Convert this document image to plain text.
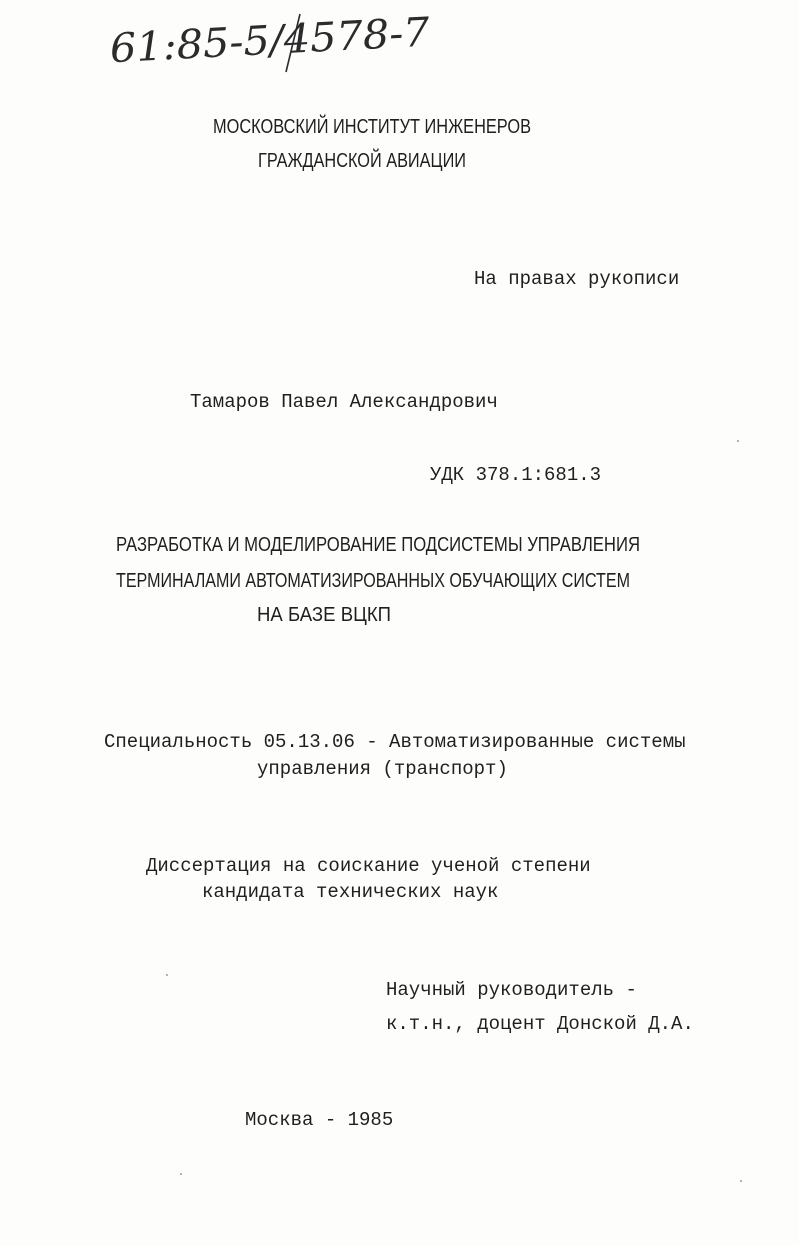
61:85-5/4578-7
МОСКОВСКИЙ ИНСТИТУТ ИНЖЕНЕРОВ
ГРАЖДАНСКОЙ АВИАЦИИ
На правах рукописи
Тамаров Павел Александрович
УДК 378.1:681.3
РАЗРАБОТКА И МОДЕЛИРОВАНИЕ ПОДСИСТЕМЫ УПРАВЛЕНИЯ
ТЕРМИНАЛАМИ АВТОМАТИЗИРОВАННЫХ ОБУЧАЮЩИХ СИСТЕМ
НА БАЗЕ ВЦКП
Специальность 05.13.06 - Автоматизированные системы
управления (транспорт)
Диссертация на соискание ученой степени
кандидата технических наук
Научный руководитель -
к.т.н., доцент Донской Д.А.
Москва - 1985
